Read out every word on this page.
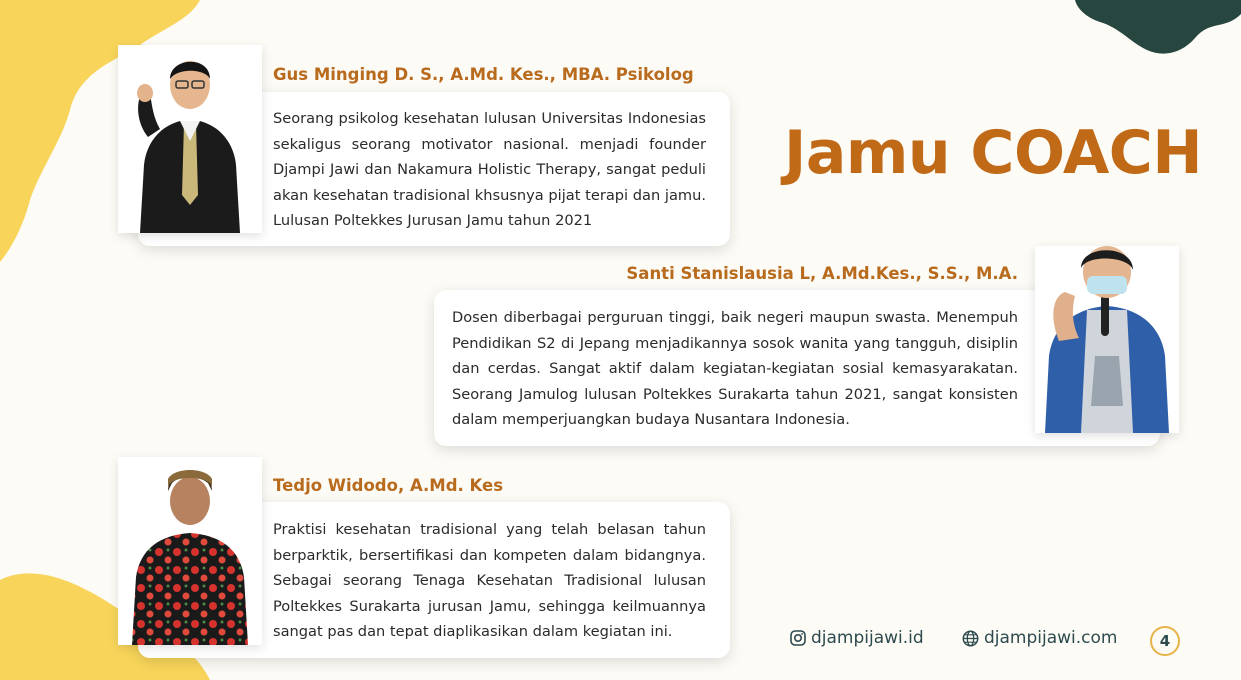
Jamu COACH
Gus Minging D. S., A.Md. Kes., MBA. Psikolog
Seorang psikolog kesehatan lulusan Universitas Indonesias sekaligus seorang motivator nasional. menjadi founder Djampi Jawi dan Nakamura Holistic Therapy, sangat peduli akan kesehatan tradisional khsusnya pijat terapi dan jamu. Lulusan Poltekkes Jurusan Jamu tahun 2021
Santi Stanislausia L, A.Md.Kes., S.S., M.A.
Dosen diberbagai perguruan tinggi, baik negeri maupun swasta. Menempuh Pendidikan S2 di Jepang menjadikannya sosok wanita yang tangguh, disiplin dan cerdas. Sangat aktif dalam kegiatan-kegiatan sosial kemasyarakatan. Seorang Jamulog lulusan Poltekkes Surakarta tahun 2021, sangat konsisten dalam memperjuangkan budaya Nusantara Indonesia.
Tedjo Widodo, A.Md. Kes
Praktisi kesehatan tradisional yang telah belasan tahun berparktik, bersertifikasi dan kompeten dalam bidangnya. Sebagai seorang Tenaga Kesehatan Tradisional lulusan Poltekkes Surakarta jurusan Jamu, sehingga keilmuannya sangat pas dan tepat diaplikasikan dalam kegiatan ini.	djampijawi.id	djampijawi.com	4
